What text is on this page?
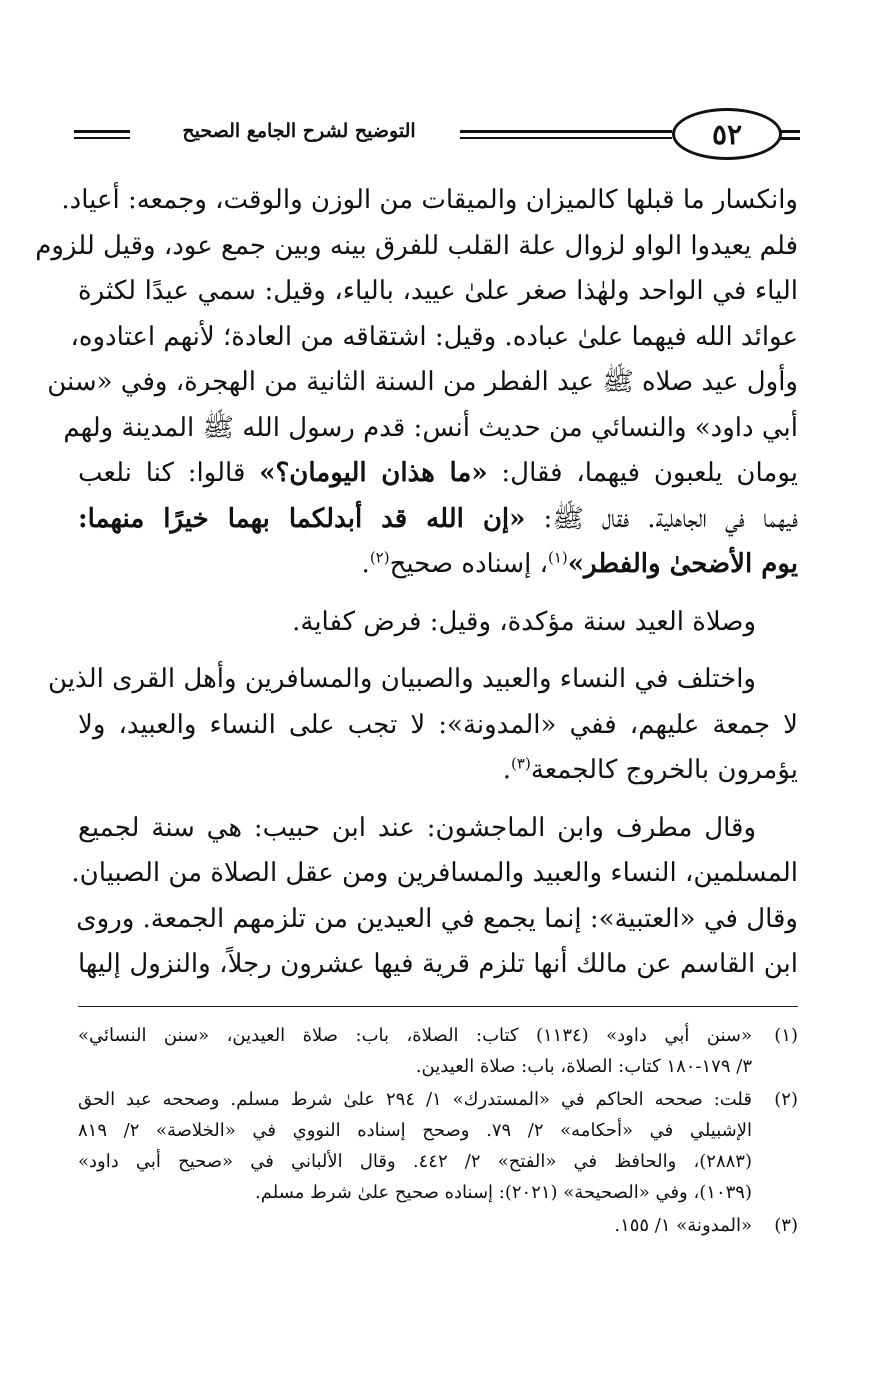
٥٢
التوضيح لشرح الجامع الصحيح
وانكسار ما قبلها كالميزان والميقات من الوزن والوقت، وجمعه: أعياد.
فلم يعيدوا الواو لزوال علة القلب للفرق بينه وبين جمع عود، وقيل للزوم
الياء في الواحد ولهٰذا صغر علىٰ عييد، بالياء، وقيل: سمي عيدًا لكثرة
عوائد الله فيهما علىٰ عباده. وقيل: اشتقاقه من العادة؛ لأنهم اعتادوه،
وأول عيد صلاه ﷺ عيد الفطر من السنة الثانية من الهجرة، وفي «سنن
أبي داود» والنسائي من حديث أنس: قدم رسول الله ﷺ المدينة ولهم
يومان يلعبون فيهما، فقال: «ما هذان اليومان؟» قالوا: كنا نلعب
فيهما في الجاهلية. فقال ﷺ: «إن الله قد أبدلكما بهما خيرًا منهما:
يوم الأضحىٰ والفطر»$^{(١)}$، إسناده صحيح$^{(٢)}$.
وصلاة العيد سنة مؤكدة، وقيل: فرض كفاية.
واختلف في النساء والعبيد والصبيان والمسافرين وأهل القرى الذين
لا جمعة عليهم، ففي «المدونة»: لا تجب على النساء والعبيد، ولا
يؤمرون بالخروج كالجمعة$^{(٣)}$.
وقال مطرف وابن الماجشون: عند ابن حبيب: هي سنة لجميع
المسلمين، النساء والعبيد والمسافرين ومن عقل الصلاة من الصبيان.
وقال في «العتبية»: إنما يجمع في العيدين من تلزمهم الجمعة. وروى
ابن القاسم عن مالك أنها تلزم قرية فيها عشرون رجلاً، والنزول إليها
(١)
«سنن أبي داود» (١١٣٤) كتاب: الصلاة، باب: صلاة العيدين، «سنن النسائي»
٣/ ١٧٩-١٨٠ كتاب: الصلاة، باب: صلاة العيدين.
(٢)
قلت: صححه الحاكم في «المستدرك» ١/ ٢٩٤ علىٰ شرط مسلم. وصححه عبد الحق
الإشبيلي في «أحكامه» ٢/ ٧٩. وصحح إسناده النووي في «الخلاصة» ٢/ ٨١٩
(٢٨٨٣)، والحافظ في «الفتح» ٢/ ٤٤٢. وقال الألباني في «صحيح أبي داود»
(١٠٣٩)، وفي «الصحيحة» (٢٠٢١): إسناده صحيح علىٰ شرط مسلم.
(٣)
«المدونة» ١/ ١٥٥.
